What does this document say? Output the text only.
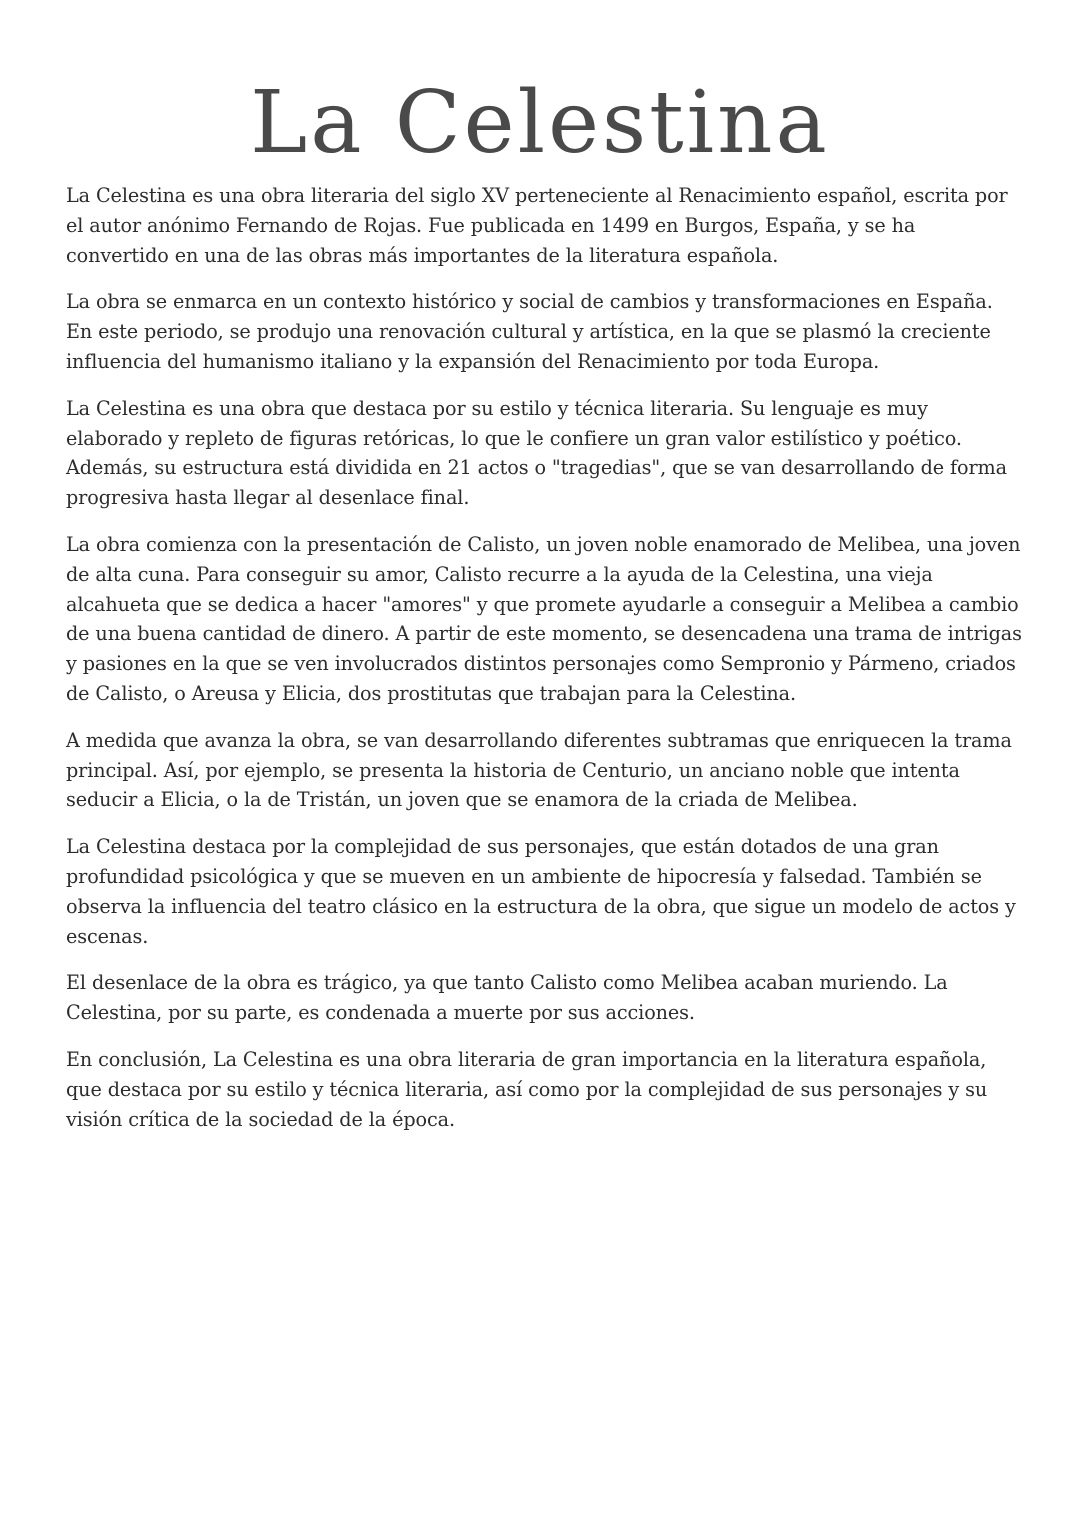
La Celestina

La Celestina es una obra literaria del siglo XV perteneciente al Renacimiento español, escrita por el autor anónimo Fernando de Rojas. Fue publicada en 1499 en Burgos, España, y se ha convertido en una de las obras más importantes de la literatura española.

La obra se enmarca en un contexto histórico y social de cambios y transformaciones en España. En este periodo, se produjo una renovación cultural y artística, en la que se plasmó la creciente influencia del humanismo italiano y la expansión del Renacimiento por toda Europa.

La Celestina es una obra que destaca por su estilo y técnica literaria. Su lenguaje es muy elaborado y repleto de figuras retóricas, lo que le confiere un gran valor estilístico y poético. Además, su estructura está dividida en 21 actos o "tragedias", que se van desarrollando de forma progresiva hasta llegar al desenlace final.

La obra comienza con la presentación de Calisto, un joven noble enamorado de Melibea, una joven de alta cuna. Para conseguir su amor, Calisto recurre a la ayuda de la Celestina, una vieja alcahueta que se dedica a hacer "amores" y que promete ayudarle a conseguir a Melibea a cambio de una buena cantidad de dinero. A partir de este momento, se desencadena una trama de intrigas y pasiones en la que se ven involucrados distintos personajes como Sempronio y Pármeno, criados de Calisto, o Areusa y Elicia, dos prostitutas que trabajan para la Celestina.

A medida que avanza la obra, se van desarrollando diferentes subtramas que enriquecen la trama principal. Así, por ejemplo, se presenta la historia de Centurio, un anciano noble que intenta seducir a Elicia, o la de Tristán, un joven que se enamora de la criada de Melibea.

La Celestina destaca por la complejidad de sus personajes, que están dotados de una gran profundidad psicológica y que se mueven en un ambiente de hipocresía y falsedad. También se observa la influencia del teatro clásico en la estructura de la obra, que sigue un modelo de actos y escenas.

El desenlace de la obra es trágico, ya que tanto Calisto como Melibea acaban muriendo. La Celestina, por su parte, es condenada a muerte por sus acciones.

En conclusión, La Celestina es una obra literaria de gran importancia en la literatura española, que destaca por su estilo y técnica literaria, así como por la complejidad de sus personajes y su visión crítica de la sociedad de la época.
